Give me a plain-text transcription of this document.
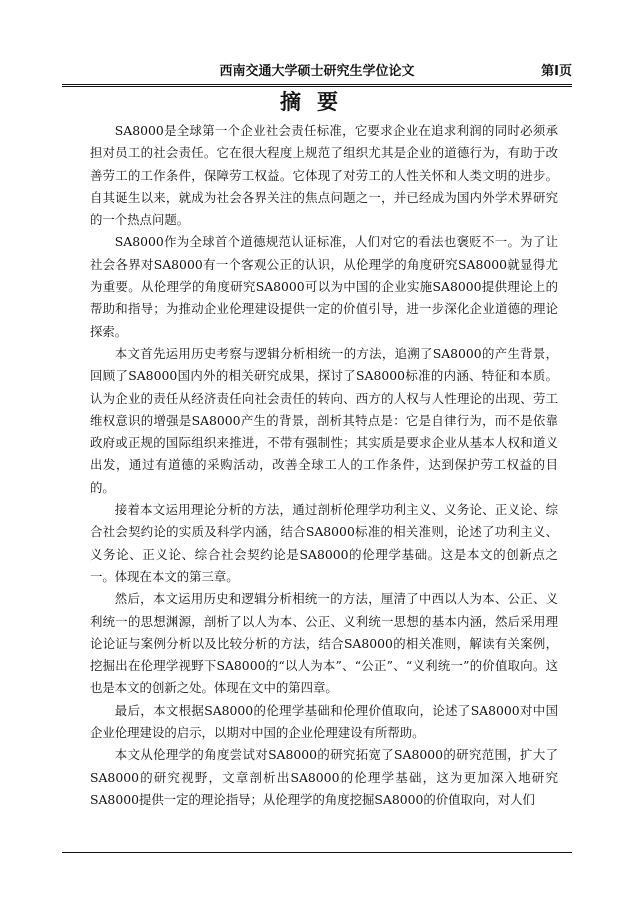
西南交通大学硕士研究生学位论文	第I页
摘要

SA8000是全球第一个企业社会责任标准，它要求企业在追求利润的同时必须承担对员工的社会责任。它在很大程度上规范了组织尤其是企业的道德行为，有助于改善劳工的工作条件，保障劳工权益。它体现了对劳工的人性关怀和人类文明的进步。自其诞生以来，就成为社会各界关注的焦点问题之一，并已经成为国内外学术界研究的一个热点问题。

SA8000作为全球首个道德规范认证标准，人们对它的看法也褒贬不一。为了让社会各界对SA8000有一个客观公正的认识，从伦理学的角度研究SA8000就显得尤为重要。从伦理学的角度研究SA8000可以为中国的企业实施SA8000提供理论上的帮助和指导；为推动企业伦理建设提供一定的价值引导，进一步深化企业道德的理论探索。

本文首先运用历史考察与逻辑分析相统一的方法，追溯了SA8000的产生背景，回顾了SA8000国内外的相关研究成果，探讨了SA8000标准的内涵、特征和本质。认为企业的责任从经济责任向社会责任的转向、西方的人权与人性理论的出现、劳工维权意识的增强是SA8000产生的背景，剖析其特点是：它是自律行为，而不是依靠政府或正规的国际组织来推进，不带有强制性；其实质是要求企业从基本人权和道义出发，通过有道德的采购活动，改善全球工人的工作条件，达到保护劳工权益的目的。

接着本文运用理论分析的方法，通过剖析伦理学功利主义、义务论、正义论、综合社会契约论的实质及科学内涵，结合SA8000标准的相关准则，论述了功利主义、义务论、正义论、综合社会契约论是SA8000的伦理学基础。这是本文的创新点之一。体现在本文的第三章。

然后，本文运用历史和逻辑分析相统一的方法，厘清了中西以人为本、公正、义利统一的思想渊源，剖析了以人为本、公正、义利统一思想的基本内涵，然后采用理论论证与案例分析以及比较分析的方法，结合SA8000的相关准则，解读有关案例，挖掘出在伦理学视野下SA8000的“以人为本”、“公正”、“义利统一”的价值取向。这也是本文的创新之处。体现在文中的第四章。

最后，本文根据SA8000的伦理学基础和伦理价值取向，论述了SA8000对中国企业伦理建设的启示，以期对中国的企业伦理建设有所帮助。

本文从伦理学的角度尝试对SA8000的研究拓宽了SA8000的研究范围，扩大了SA8000的研究视野，文章剖析出SA8000的伦理学基础，这为更加深入地研究SA8000提供一定的理论指导；从伦理学的角度挖掘SA8000的价值取向，对人们
